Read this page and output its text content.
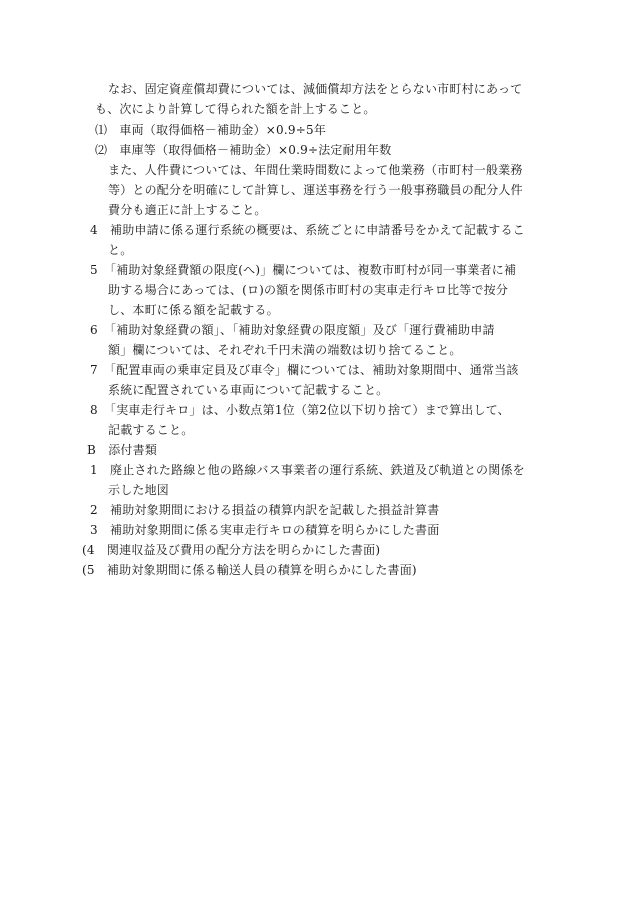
なお、固定資産償却費については、減価償却方法をとらない市町村にあって
も、次により計算して得られた額を計上すること。
⑴　車両（取得価格－補助金）×0.9÷5年
⑵　車庫等（取得価格－補助金）×0.9÷法定耐用年数
また、人件費については、年間仕業時間数によって他業務（市町村一般業務
等）との配分を明確にして計算し、運送事務を行う一般事務職員の配分人件
費分も適正に計上すること。
4　補助申請に係る運行系統の概要は、系統ごとに申請番号をかえて記載するこ
と。
5　「補助対象経費額の限度(へ)」欄については、複数市町村が同一事業者に補
助する場合にあっては、(ロ)の額を関係市町村の実車走行キロ比等で按分
し、本町に係る額を記載する。
6　「補助対象経費の額」、「補助対象経費の限度額」及び「運行費補助申請
額」欄については、それぞれ千円未満の端数は切り捨てること。
7　「配置車両の乗車定員及び車令」欄については、補助対象期間中、通常当該
系統に配置されている車両について記載すること。
8　「実車走行キロ」は、小数点第1位（第2位以下切り捨て）まで算出して、
記載すること。
B　添付書類
1　廃止された路線と他の路線バス事業者の運行系統、鉄道及び軌道との関係を
示した地図
2　補助対象期間における損益の積算内訳を記載した損益計算書
3　補助対象期間に係る実車走行キロの積算を明らかにした書面
(4　関連収益及び費用の配分方法を明らかにした書面)
(5　補助対象期間に係る輸送人員の積算を明らかにした書面)
